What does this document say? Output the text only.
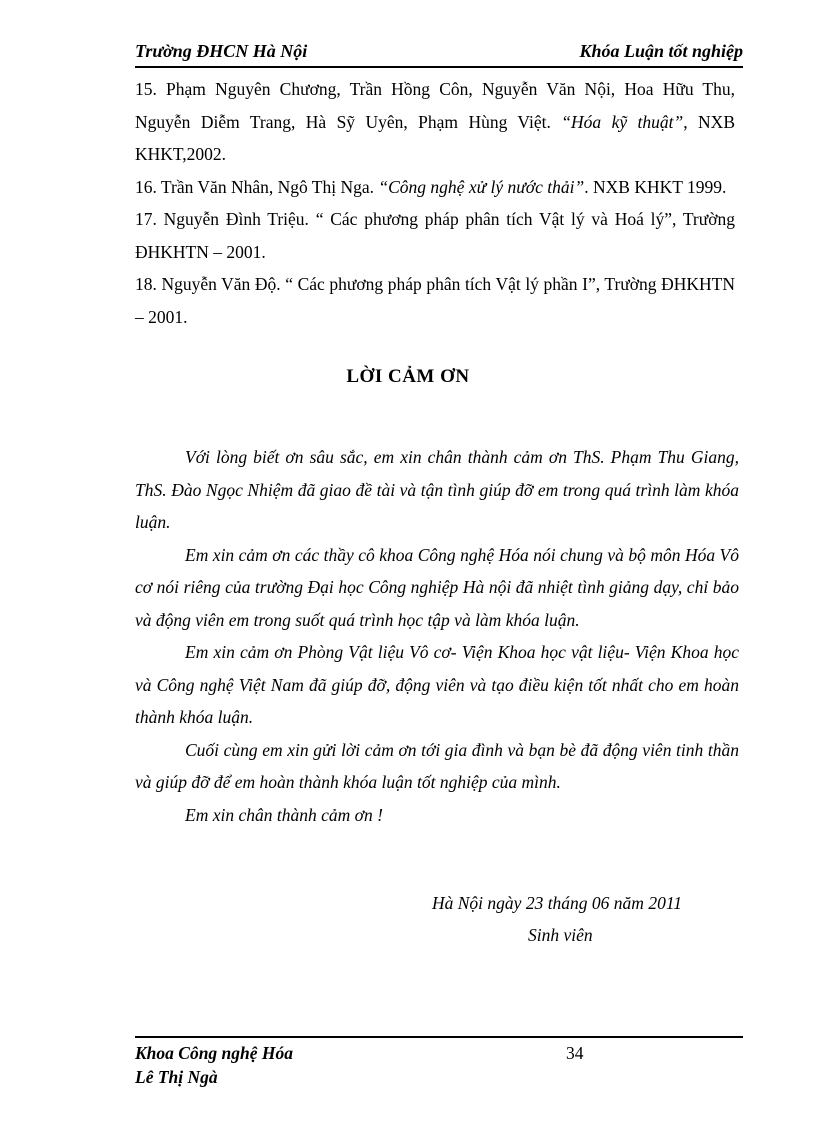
Trường ĐHCN Hà Nội	Khóa Luận tốt nghiệp

15. Phạm Nguyên Chương, Trần Hồng Côn, Nguyễn Văn Nội, Hoa Hữu Thu, Nguyễn Diễm Trang, Hà Sỹ Uyên, Phạm Hùng Việt. “Hóa kỹ thuật”, NXB KHKT,2002.

16. Trần Văn Nhân, Ngô Thị Nga. “Công nghệ xử lý nước thải”. NXB KHKT 1999.

17. Nguyễn Đình Triệu. “ Các phương pháp phân tích Vật lý và Hoá lý”, Trường ĐHKHTN – 2001.

18. Nguyễn Văn Độ. “ Các phương pháp phân tích Vật lý phần I”, Trường ĐHKHTN – 2001.

LỜI CẢM ƠN

Với lòng biết ơn sâu sắc, em xin chân thành cảm ơn ThS. Phạm Thu Giang, ThS. Đào Ngọc Nhiệm đã giao đề tài và tận tình giúp đỡ em trong quá trình làm khóa luận.

Em xin cảm ơn các thầy cô khoa Công nghệ Hóa nói chung và bộ môn Hóa Vô cơ nói riêng của trường Đại học Công nghiệp Hà nội đã nhiệt tình giảng dạy, chỉ bảo và động viên em trong suốt quá trình học tập và làm khóa luận.

Em xin cảm ơn Phòng Vật liệu Vô cơ- Viện Khoa học vật liệu- Viện Khoa học và Công nghệ Việt Nam đã giúp đỡ, động viên và tạo điều kiện tốt nhất cho em hoàn thành khóa luận.

Cuối cùng em xin gửi lời cảm ơn tới gia đình và bạn bè đã động viên tinh thần và giúp đỡ để em hoàn thành khóa luận tốt nghiệp của mình.

Em xin chân thành cảm ơn !

Hà Nội ngày 23 tháng 06 năm 2011
Sinh viên
Khoa Công nghệ Hóa
Lê Thị Ngà
34
